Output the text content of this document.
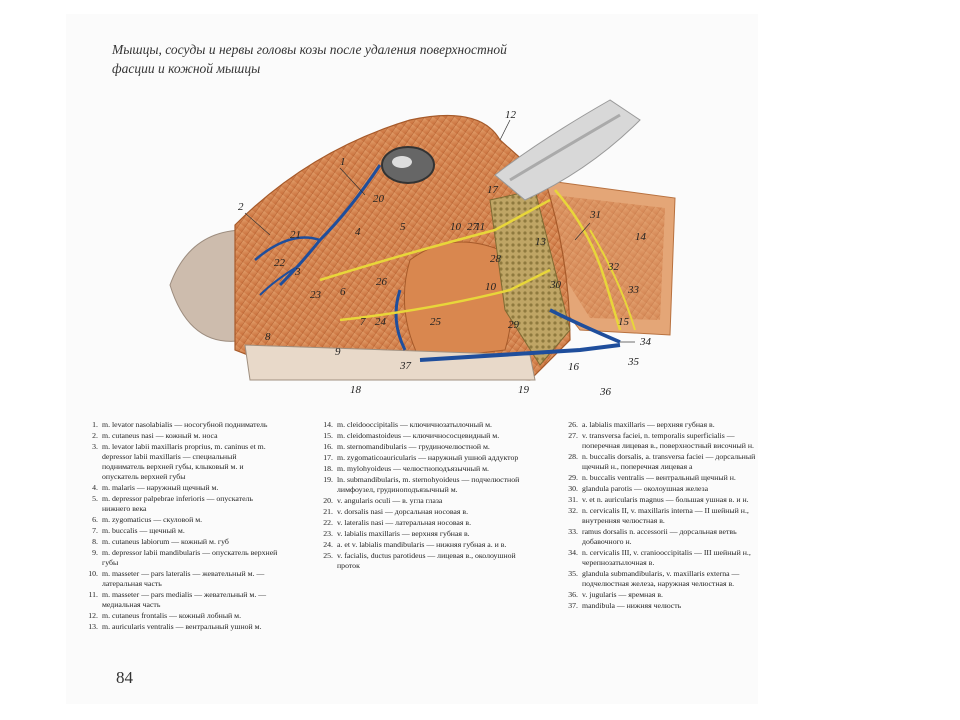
Мышцы, сосуды и нервы головы козы после удаления поверхностной
фасции и кожной мышцы
1
2
3
4	5
6
7
8
9
10
10
11
12
13	14
15
16
17
18	19
20
21
22
23
24	25
26
27
28
29
30
31
32
33
34
35
36
37
1. m. levator nasolabialis — носогубной подниматель
2. m. cutaneus nasi — кожный м. носа
3. m. levator labii maxillaris proprius, m. caninus et m. depressor labii maxillaris — специальный подниматель верхней губы, клыковый м. и опускатель верхней губы
4. m. malaris — наружный щечный м.
5. m. depressor palpebrae inferioris — опускатель нижнего века
6. m. zygomaticus — скуловой м.
7. m. buccalis — щечный м.
8. m. cutaneus labiorum — кожный м. губ
9. m. depressor labii mandibularis — опускатель верхней губы
10. m. masseter — pars lateralis — жевательный м. — латеральная часть
11. m. masseter — pars medialis — жевательный м. — медиальная часть
12. m. cutaneus frontalis — кожный лобный м.
13. m. auricularis ventralis — вентральный ушной м.
14. m. cleidooccipitalis — ключичнозатылочный м.
15. m. cleidomastoideus — ключичнососцевидный м.
16. m. sternomandibularis — грудиночелюстной м.
17. m. zygomaticoauricularis — наружный ушной аддуктор
18. m. mylohyoideus — челюстноподъязычный м.
19. ln. submandibularis, m. sternohyoideus — подчелюстной лимфоузел, грудиноподъязычный м.
20. v. angularis oculi — в. угла глаза
21. v. dorsalis nasi — дорсальная носовая в.
22. v. lateralis nasi — латеральная носовая в.
23. v. labialis maxillaris — верхняя губная в.
24. a. et v. labialis mandibularis — нижняя губная а. и в.
25. v. facialis, ductus parotideus — лицевая в., околоушной проток
26. a. labialis maxillaris — верхняя губная в.
27. v. transversa faciei, n. temporalis superficialis — поперечная лицевая в., поверхностный височный н.
28. n. buccalis dorsalis, a. transversa faciei — дорсальный щечный н., поперечная лицевая а
29. n. buccalis ventralis — вентральный щечный н.
30. glandula parotis — околоушная железа
31. v. et n. auricularis magnus — большая ушная в. и н.
32. n. cervicalis II, v. maxillaris interna — II шейный н., внутренняя челюстная в.
33. ramus dorsalis n. accessorii — дорсальная ветвь добавочного н.
34. n. cervicalis III, v. craniooccipitalis — III шейный н., черепнозатылочная в.
35. glandula submandibularis, v. maxillaris externa — подчелюстная железа, наружная челюстная в.
36. v. jugularis — яремная в.
37. mandibula — нижняя челюсть
84
